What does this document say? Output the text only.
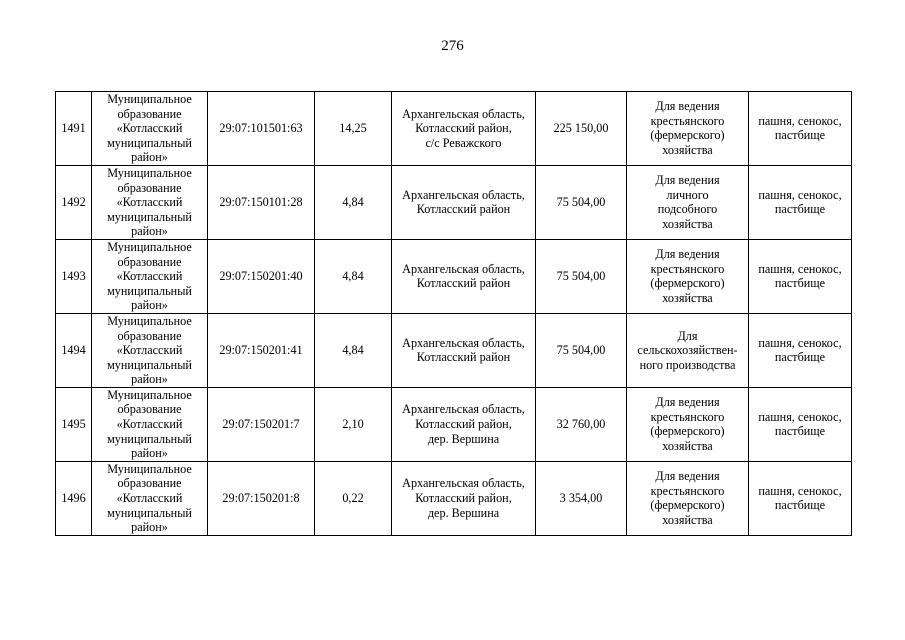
276
1491	Муниципальное
образование
«Котласский
муниципальный
район»	29:07:101501:63	14,25	Архангельская область,
Котласский район,
с/с Реважского	225 150,00	Для ведения
крестьянского
(фермерского)
хозяйства	пашня, сенокос,
пастбище
1492	Муниципальное
образование
«Котласский
муниципальный
район»	29:07:150101:28	4,84	Архангельская область,
Котласский район	75 504,00	Для ведения
личного
подсобного
хозяйства	пашня, сенокос,
пастбище
1493	Муниципальное
образование
«Котласский
муниципальный
район»	29:07:150201:40	4,84	Архангельская область,
Котласский район	75 504,00	Для ведения
крестьянского
(фермерского)
хозяйства	пашня, сенокос,
пастбище
1494	Муниципальное
образование
«Котласский
муниципальный
район»	29:07:150201:41	4,84	Архангельская область,
Котласский район	75 504,00	Для
сельскохозяйствен-
ного производства	пашня, сенокос,
пастбище
1495	Муниципальное
образование
«Котласский
муниципальный
район»	29:07:150201:7	2,10	Архангельская область,
Котласский район,
дер. Вершина	32 760,00	Для ведения
крестьянского
(фермерского)
хозяйства	пашня, сенокос,
пастбище
1496	Муниципальное
образование
«Котласский
муниципальный
район»	29:07:150201:8	0,22	Архангельская область,
Котласский район,
дер. Вершина	3 354,00	Для ведения
крестьянского
(фермерского)
хозяйства	пашня, сенокос,
пастбище
